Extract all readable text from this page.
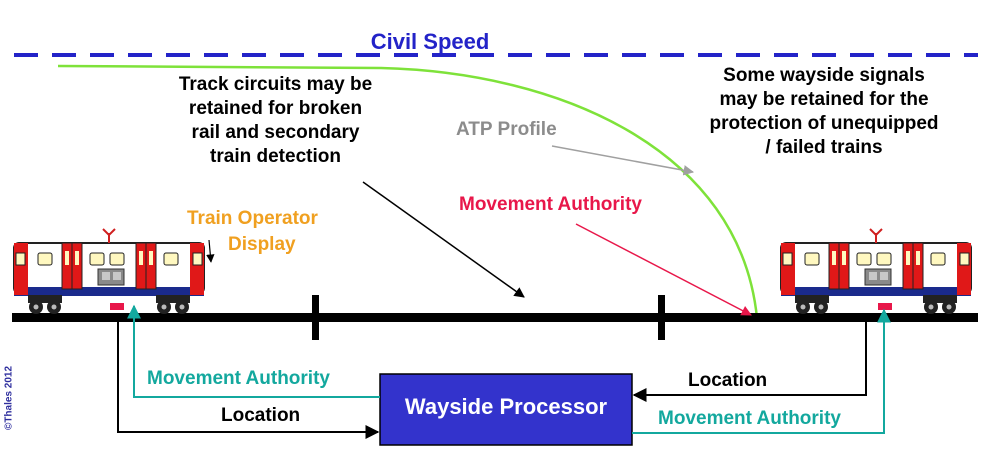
Civil Speed
Track circuits may be
retained for broken
rail and secondary
train detection
Some wayside signals
may be retained for the
protection of unequipped
/ failed trains
ATP Profile
Movement Authority
Train Operator
Display
Wayside Processor
Movement Authority
Location
Location
Movement Authority
©Thales 2012
